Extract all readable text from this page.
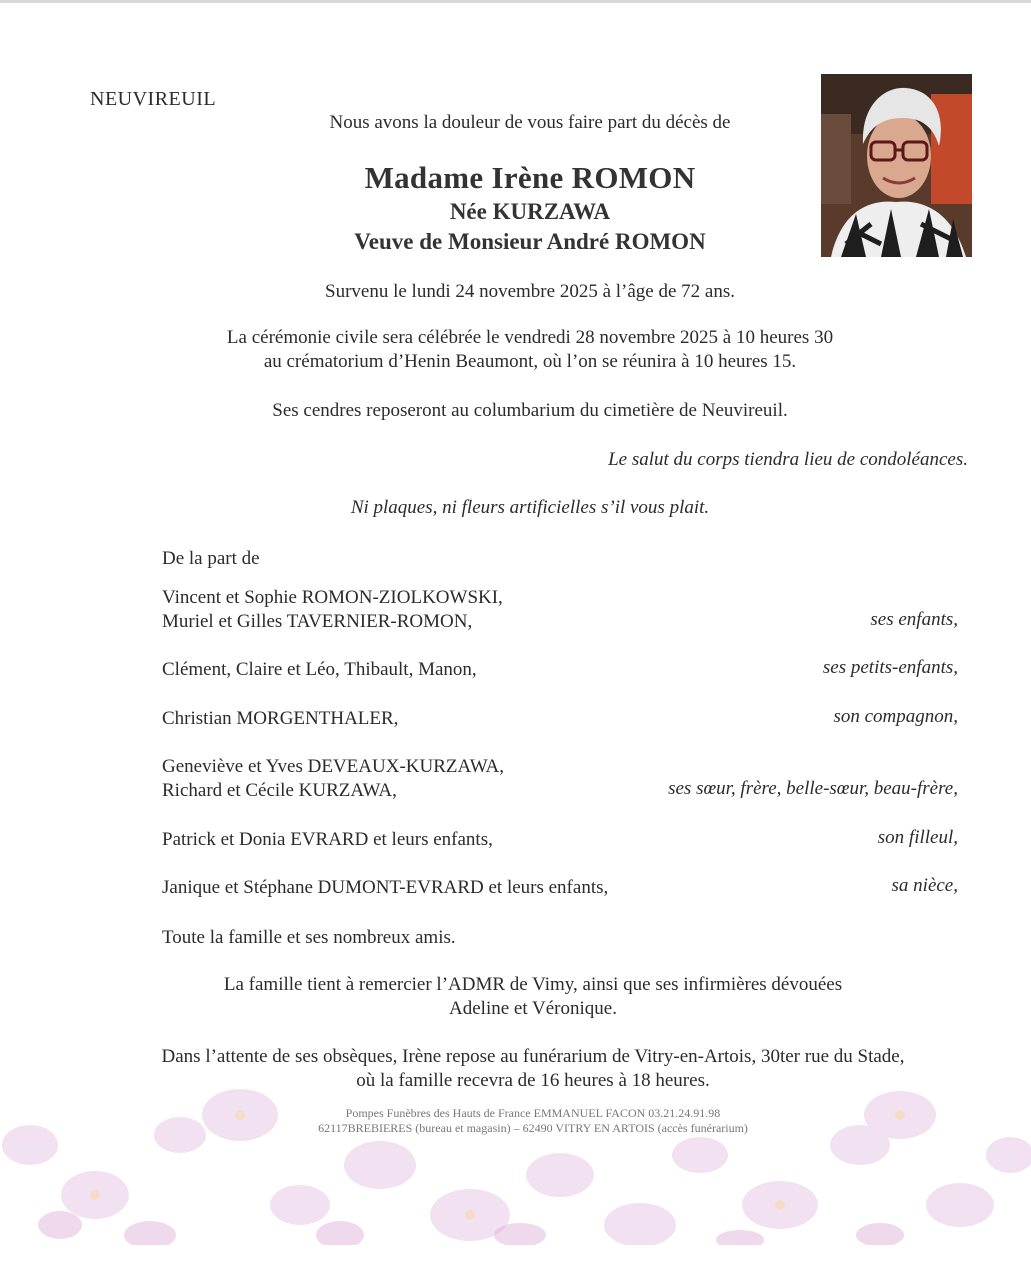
NEUVIREUIL
Nous avons la douleur de vous faire part du décès de
Madame Irène ROMON
Née KURZAWA
Veuve de Monsieur André ROMON
Survenu le lundi 24 novembre 2025 à l’âge de 72 ans.
La cérémonie civile sera célébrée le vendredi 28 novembre 2025 à 10 heures 30
au crématorium d’Henin Beaumont, où l’on se réunira à 10 heures 15.
Ses cendres reposeront au columbarium du cimetière de Neuvireuil.
Le salut du corps tiendra lieu de condoléances.
Ni plaques, ni fleurs artificielles s’il vous plait.
De la part de
Vincent et Sophie ROMON-ZIOLKOWSKI,
Muriel et Gilles TAVERNIER-ROMON,	ses enfants,
Clément, Claire et Léo, Thibault, Manon,	ses petits-enfants,
Christian MORGENTHALER,	son compagnon,
Geneviève et Yves DEVEAUX-KURZAWA,
Richard et Cécile KURZAWA,	ses sœur, frère, belle-sœur, beau-frère,
Patrick et Donia EVRARD et leurs enfants,	son filleul,
Janique et Stéphane DUMONT-EVRARD et leurs enfants,	sa nièce,
Toute la famille et ses nombreux amis.
La famille tient à remercier l’ADMR de Vimy, ainsi que ses infirmières dévouées
Adeline et Véronique.
Dans l’attente de ses obsèques, Irène repose au funérarium de Vitry-en-Artois, 30ter rue du Stade,
où la famille recevra de 16 heures à 18 heures.
Pompes Funèbres des Hauts de France EMMANUEL FACON 03.21.24.91.98
62117BREBIERES (bureau et magasin) – 62490 VITRY EN ARTOIS (accès funérarium)
